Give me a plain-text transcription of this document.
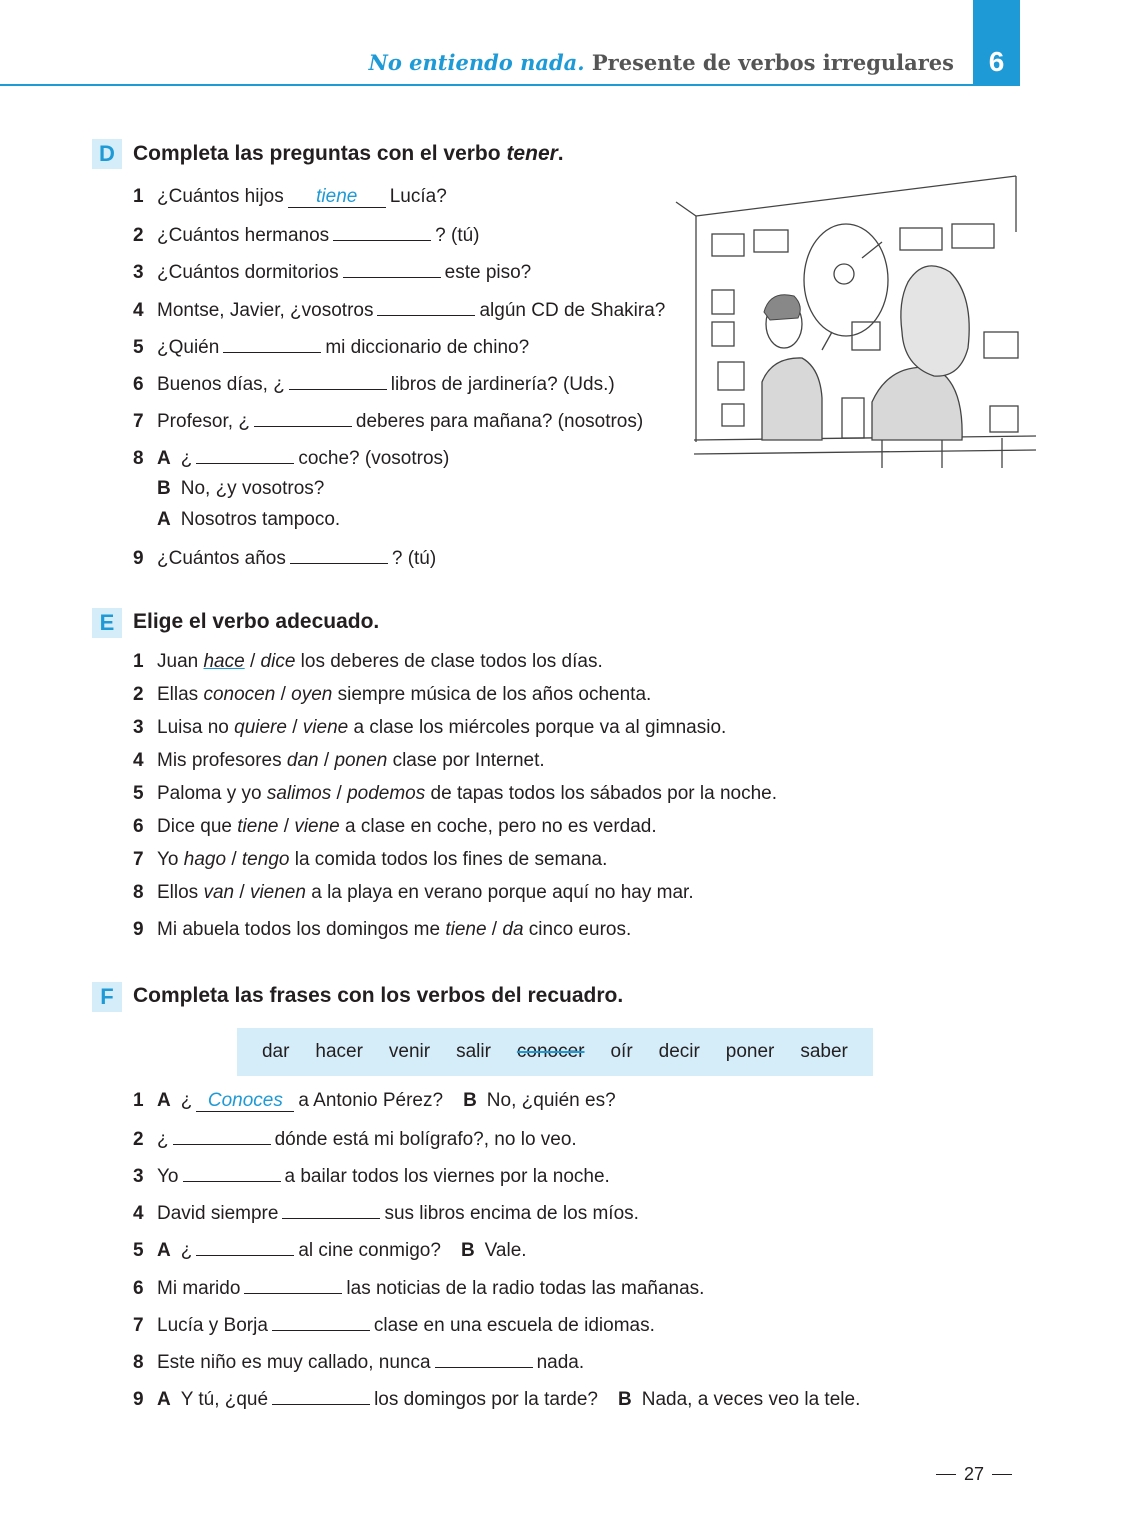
No entiendo nada. Presente de verbos irregulares	6
D Completa las preguntas con el verbo tener.
1 ¿Cuántos hijos tiene Lucía?
2 ¿Cuántos hermanos	? (tú)
3 ¿Cuántos dormitorios	este piso?
4 Montse, Javier, ¿vosotros	algún CD de Shakira?
5 ¿Quién	mi diccionario de chino?
6 Buenos días, ¿	libros de jardinería? (Uds.)
7 Profesor, ¿	deberes para mañana? (nosotros)
8 A ¿	coche? (vosotros)
B No, ¿y vosotros?
A Nosotros tampoco.
9 ¿Cuántos años	? (tú)
E Elige el verbo adecuado.
1 Juan hace / dice los deberes de clase todos los días.
2 Ellas conocen / oyen siempre música de los años ochenta.
3 Luisa no quiere / viene a clase los miércoles porque va al gimnasio.
4 Mis profesores dan / ponen clase por Internet.
5 Paloma y yo salimos / podemos de tapas todos los sábados por la noche.
6 Dice que tiene / viene a clase en coche, pero no es verdad.
7 Yo hago / tengo la comida todos los fines de semana.
8 Ellos van / vienen a la playa en verano porque aquí no hay mar.
9 Mi abuela todos los domingos me tiene / da cinco euros.
F Completa las frases con los verbos del recuadro.
dar hacer venir salir conocer oír decir poner saber
1 A ¿ Conoces a Antonio Pérez? B No, ¿quién es?
2 ¿	dónde está mi bolígrafo?, no lo veo.
3 Yo	a bailar todos los viernes por la noche.
4 David siempre	sus libros encima de los míos.
5 A ¿	al cine conmigo? B Vale.
6 Mi marido	las noticias de la radio todas las mañanas.
7 Lucía y Borja	clase en una escuela de idiomas.
8 Este niño es muy callado, nunca	nada.
9 A Y tú, ¿qué	los domingos por la tarde? B Nada, a veces veo la tele.
27
